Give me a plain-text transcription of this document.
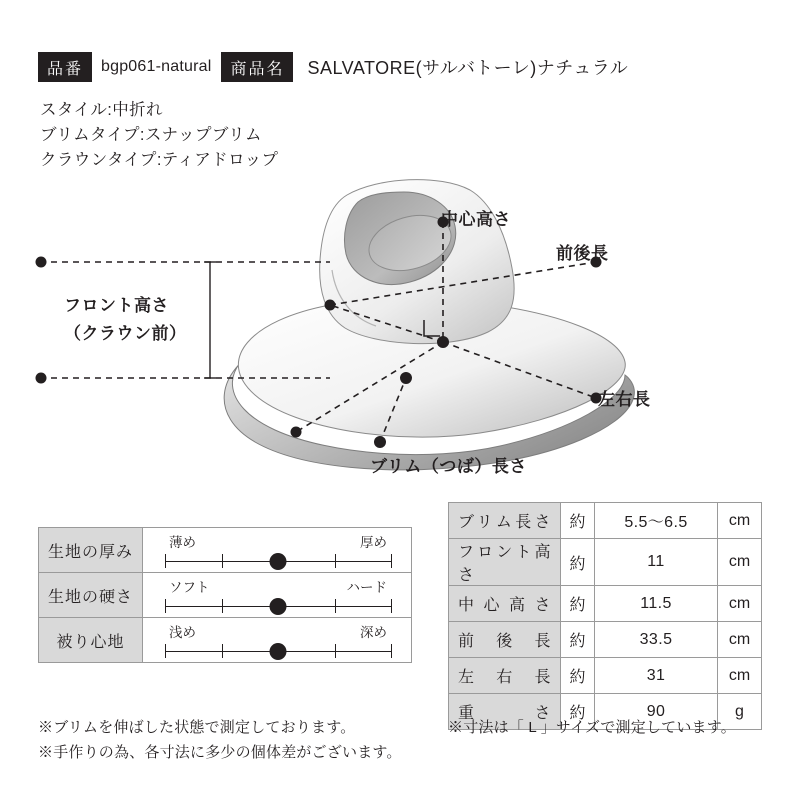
品番	bgp061-natural	商品名	SALVATORE(サルバトーレ)ナチュラル
スタイル:中折れ
ブリムタイプ:スナップブリム
クラウンタイプ:ティアドロップ
中心高さ
前後長
フロント高さ
（クラウン前）
左右長
ブリム（つば）長さ
生地の厚み	薄め 厚め

生地の硬さ	ソフト ハード

被り心地	浅め 深め
ブリム長さ	約	5.5〜6.5	cm
フロント高さ	約	11	cm
中心高さ	約	11.5	cm
前後長	約	33.5	cm
左右長	約	31	cm
重さ	約	90	g
※ブリムを伸ばした状態で測定しております。
※手作りの為、各寸法に多少の個体差がございます。
※寸法は「 L 」サイズで測定しています。
